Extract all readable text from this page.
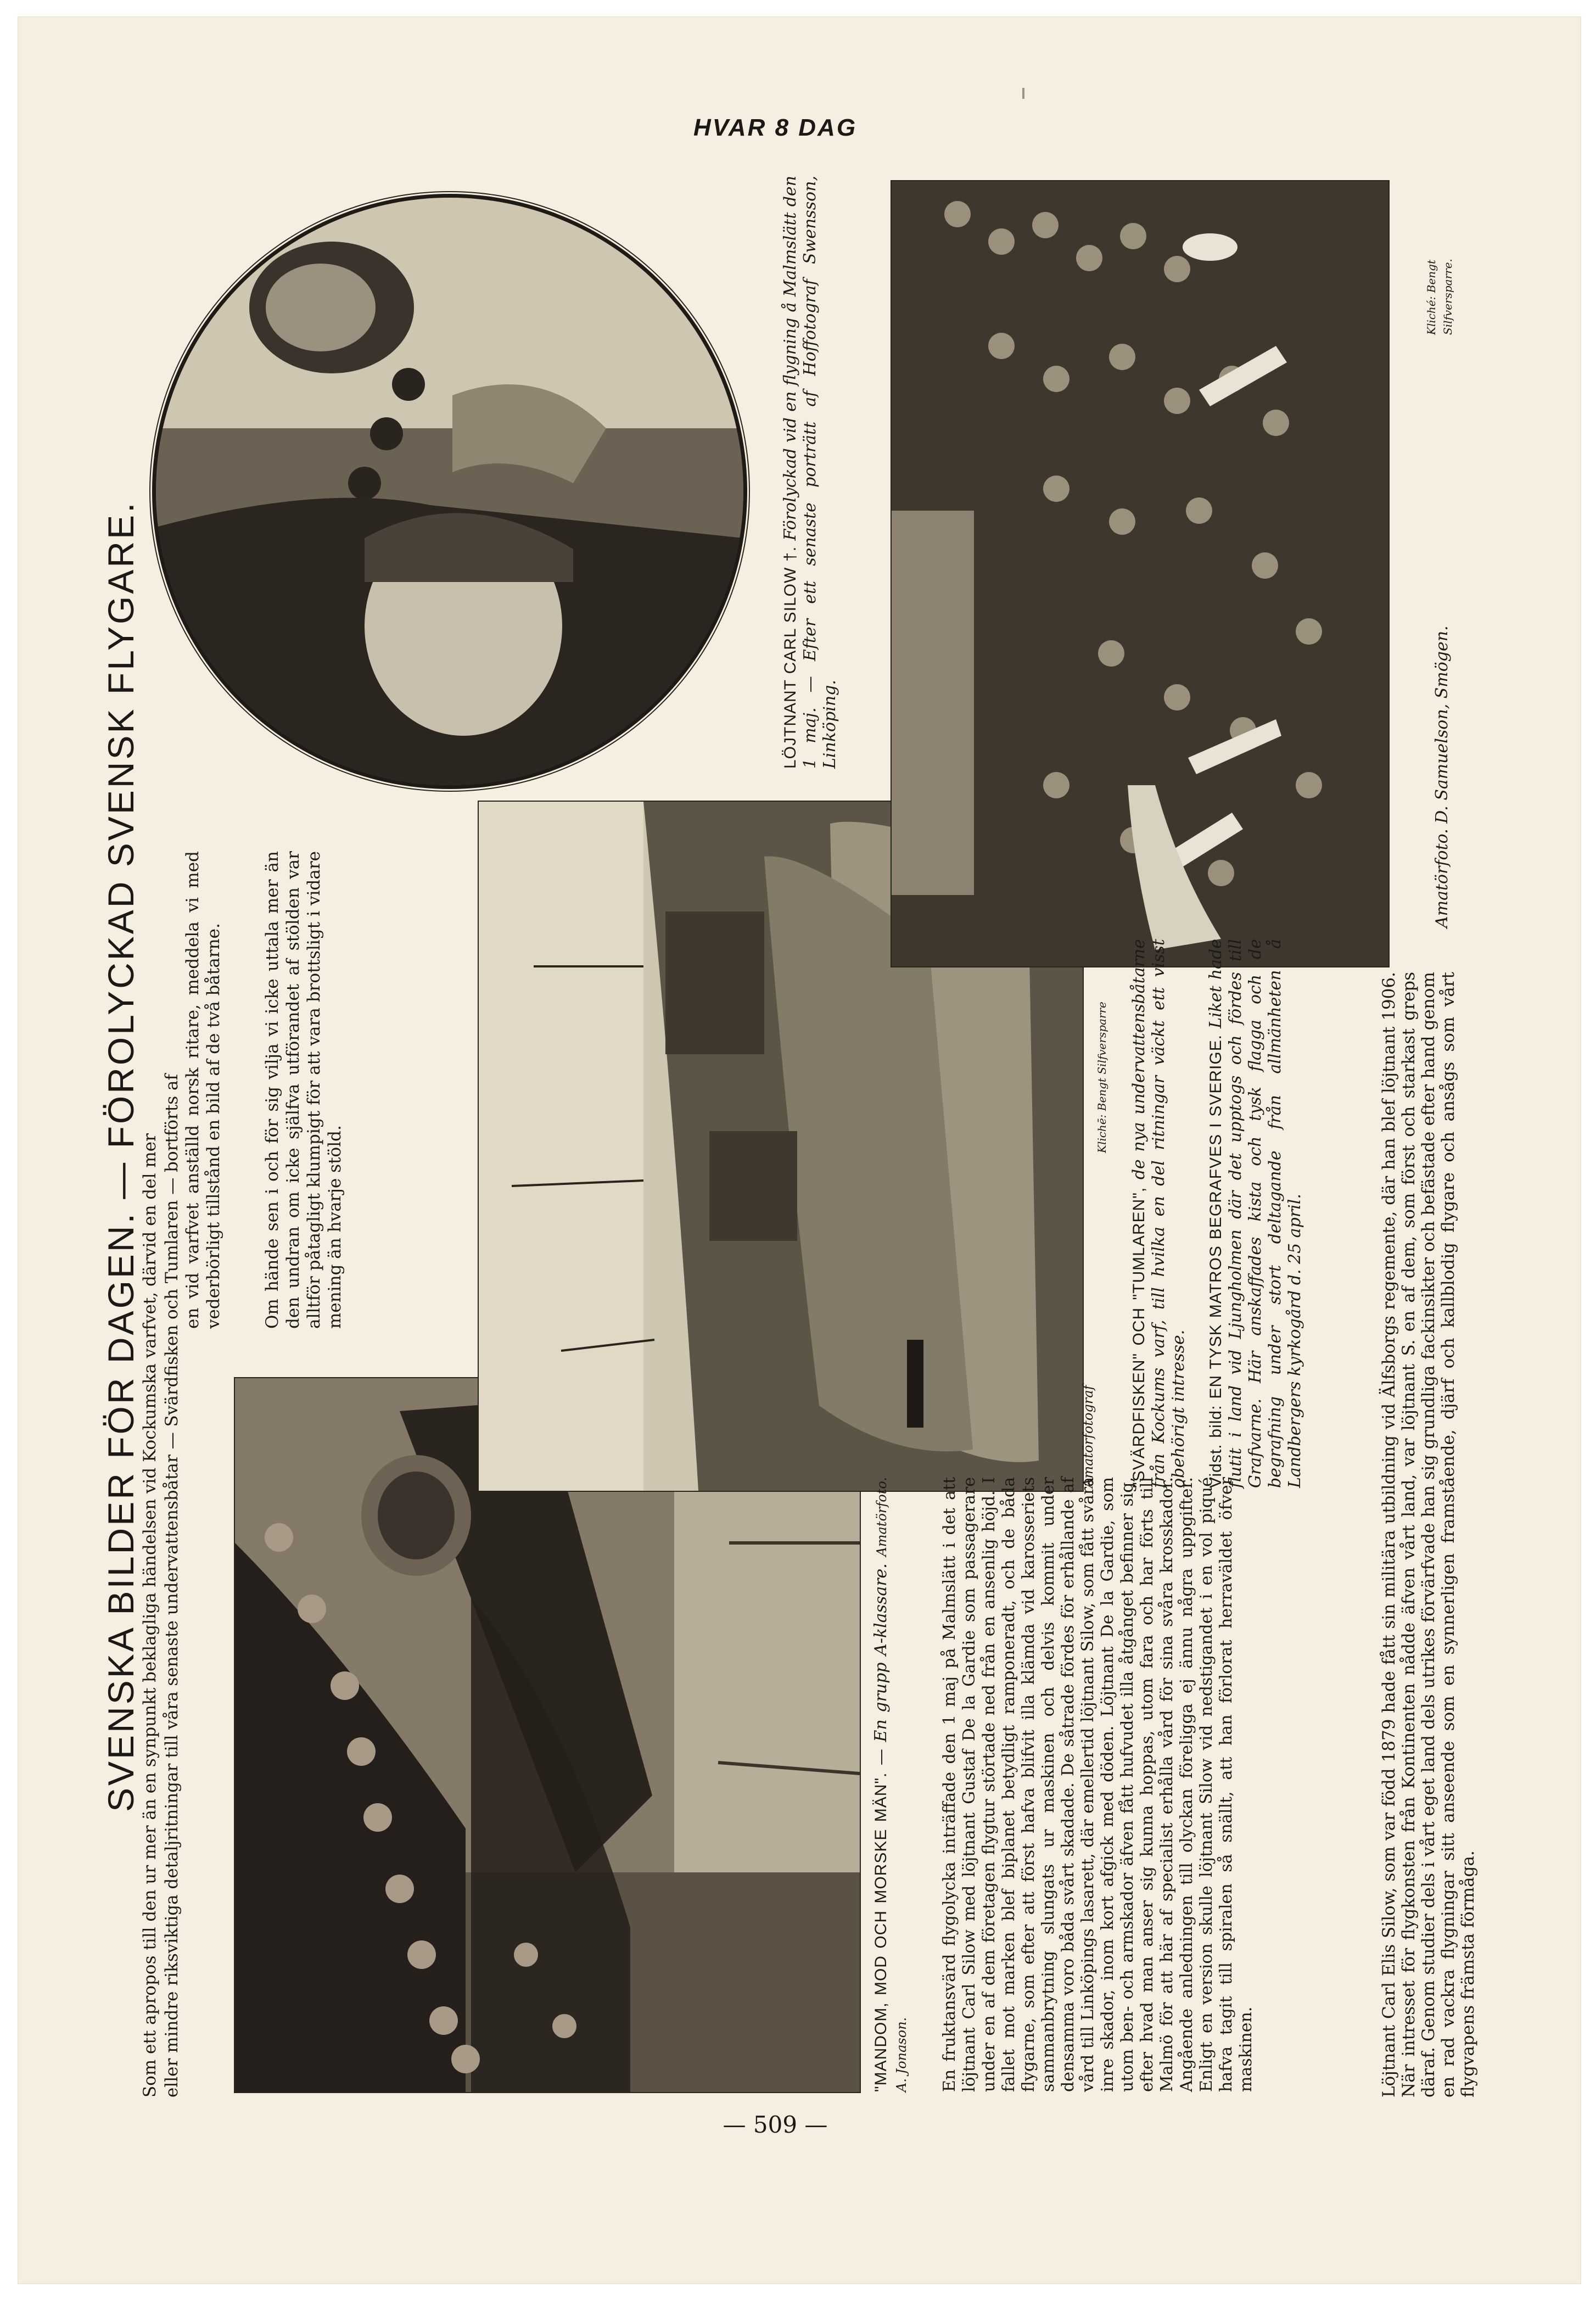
HVAR 8 DAG
SVENSKA BILDER FÖR DAGEN. — FÖROLYCKAD SVENSK FLYGARE.
Som ett apropos till den ur mer än en synpunkt beklagliga händelsen vid Kockumska varfvet, därvid en del mer eller mindre riksviktiga detaljritningar till våra senaste undervattensbåtar — Svärdfisken och Tumlaren — bortförts af en vid varfvet anställd norsk ritare, meddela vi med vederbörligt tillstånd en bild af de två båtarne. Om hände sen i och för sig vilja vi icke uttala mer än den undran om icke själfva utförandet af stölden var alltför påtagligt klumpigt för att vara brottsligt i vidare mening än hvarje stöld.
Amatörfotograf
Klichē: Bengt Silfversparre
Kliché: Bengt Silfversparre.
Amatörfoto. D. Samuelson, Smögen.
LÖJTNANT CARL SILOW †. Förolyckad vid en flygning å Malmslätt den 1 maj. — Efter ett senaste porträtt af Hoffotograf Swensson, Linköping.
"MANDOM, MOD OCH MORSKE MÄN". — En grupp A-klassare. Amatörfoto. A. Jonason. En fruktansvärd flygolycka inträffade den 1 maj på Malmslätt i det att löjtnant Carl Silow med löjtnant Gustaf De la Gardie som passagerare under en af dem företagen flygtur störtade ned från en ansenlig höjd. I fallet mot marken blef biplanet betydligt ramponeradt, och de båda flygarne, som efter att först hafva blifvit illa klämda vid karosseriets sammanbrytning slungats ur maskinen och delvis kommit under densamma voro båda svårt skadade. De såtrade fördes för erhållande af vård till Linköpings lasarett, där emellertid löjtnant Silow, som fått svåra inre skador, inom kort afgick med döden. Löjtnant De la Gardie, som utom ben- och armskador äfven fått hufvudet illa åtgånget befinner sig, efter hvad man anser sig kunna hoppas, utom fara och har förts till Malmö för att här af specialist erhålla vård för sina svåra krosskador. Angående anledningen till olyckan föreligga ej ännu några uppgifter. Enligt en version skulle löjtnant Silow vid nedstigandet i en vol piqué hafva tagit till spiralen så snällt, att han förlorat herraväldet öfver maskinen.
"SVÄRDFISKEN" OCH "TUMLAREN", de nya undervattensbåtarne från Kockums varf, till hvilka en del ritningar väckt ett visst obehörigt intresse. Vidst. bild: EN TYSK MATROS BEGRAFVES I SVERIGE. Liket hade flutit i land vid Ljungholmen där det upptogs och fördes till Grafvarne. Här anskaffades kista och tysk flagga och de begrafning under stort deltagande från allmänheten å Landbergers kyrkogård d. 25 april.	Löjtnant Carl Elis Silow, som var född 1879 hade fått sin militära utbildning vid Älfsborgs regemente, där han blef löjtnant 1906. När intresset för flygkonsten från Kontinenten nådde äfven vårt land, var löjtnant S. en af dem, som först och starkast greps däraf. Genom studier dels i vårt eget land dels utrikes förvärfvade han sig grundliga fackinsikter och befästade efter hand genom en rad vackra flygningar sitt anseende som en synnerligen framstående, djärf och kallblodig flygare och ansågs som vårt flygvapens främsta förmåga.
— 509 —
